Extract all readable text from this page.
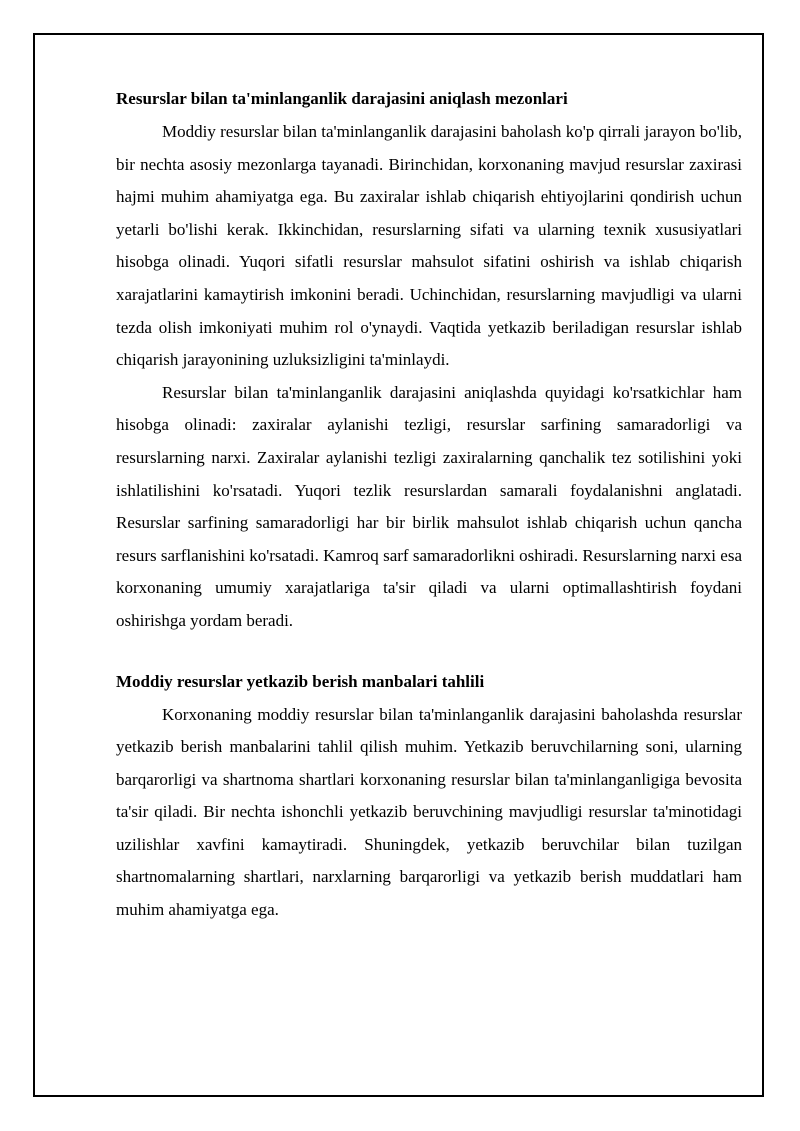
Resurslar bilan ta'minlanganlik darajasini aniqlash mezonlari

Moddiy resurslar bilan ta'minlanganlik darajasini baholash ko'p qirrali jarayon bo'lib, bir nechta asosiy mezonlarga tayanadi. Birinchidan, korxonaning mavjud resurslar zaxirasi hajmi muhim ahamiyatga ega. Bu zaxiralar ishlab chiqarish ehtiyojlarini qondirish uchun yetarli bo'lishi kerak. Ikkinchidan, resurslarning sifati va ularning texnik xususiyatlari hisobga olinadi. Yuqori sifatli resurslar mahsulot sifatini oshirish va ishlab chiqarish xarajatlarini kamaytirish imkonini beradi. Uchinchidan, resurslarning mavjudligi va ularni tezda olish imkoniyati muhim rol o'ynaydi. Vaqtida yetkazib beriladigan resurslar ishlab chiqarish jarayonining uzluksizligini ta'minlaydi.

Resurslar bilan ta'minlanganlik darajasini aniqlashda quyidagi ko'rsatkichlar ham hisobga olinadi: zaxiralar aylanishi tezligi, resurslar sarfining samaradorligi va resurslarning narxi. Zaxiralar aylanishi tezligi zaxiralarning qanchalik tez sotilishini yoki ishlatilishini ko'rsatadi. Yuqori tezlik resurslardan samarali foydalanishni anglatadi. Resurslar sarfining samaradorligi har bir birlik mahsulot ishlab chiqarish uchun qancha resurs sarflanishini ko'rsatadi. Kamroq sarf samaradorlikni oshiradi. Resurslarning narxi esa korxonaning umumiy xarajatlariga ta'sir qiladi va ularni optimallashtirish foydani oshirishga yordam beradi.

Moddiy resurslar yetkazib berish manbalari tahlili

Korxonaning moddiy resurslar bilan ta'minlanganlik darajasini baholashda resurslar yetkazib berish manbalarini tahlil qilish muhim. Yetkazib beruvchilarning soni, ularning barqarorligi va shartnoma shartlari korxonaning resurslar bilan ta'minlanganligiga bevosita ta'sir qiladi. Bir nechta ishonchli yetkazib beruvchining mavjudligi resurslar ta'minotidagi uzilishlar xavfini kamaytiradi. Shuningdek, yetkazib beruvchilar bilan tuzilgan shartnomalarning shartlari, narxlarning barqarorligi va yetkazib berish muddatlari ham muhim ahamiyatga ega.
